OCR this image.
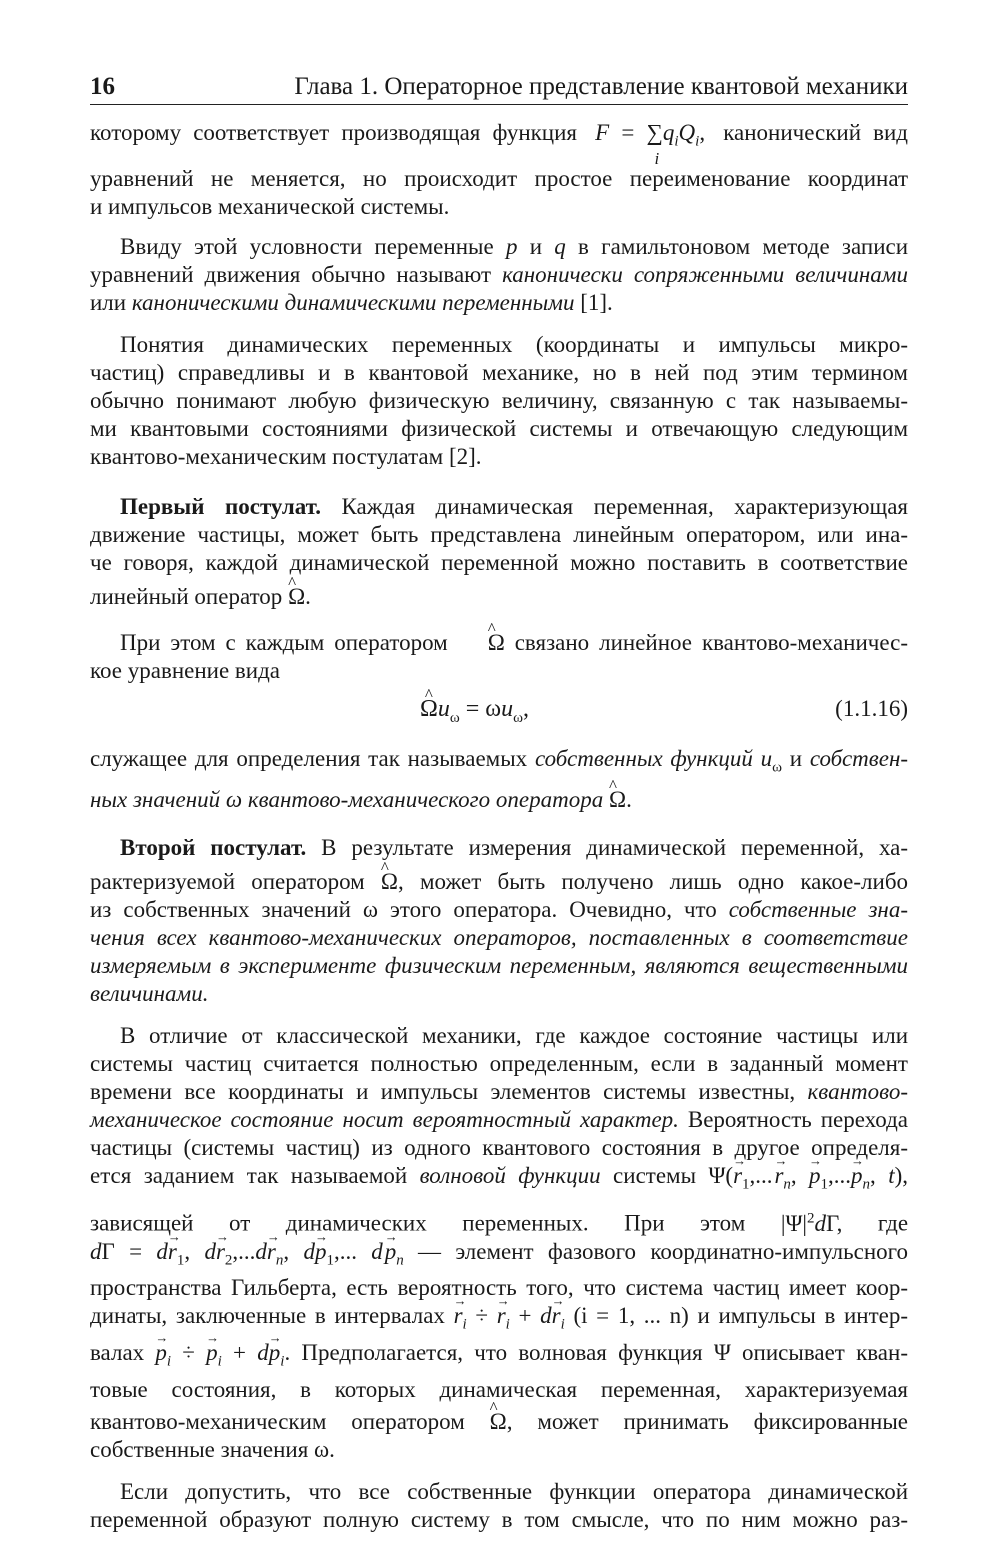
16	Глава 1. Операторное представление квантовой механики

которому соответствует производящая функция F = ∑
i
$q_iQ_i$, канонический вид
уравнений не меняется, но происходит простое переименование координат
и импульсов механической системы.

Ввиду этой условности переменные p и q в гамильтоновом методе записи
уравнений движения обычно называют канонически сопряженными величинами
или каноническими динамическими переменными [1].

Понятия динамических переменных (координаты и импульсы микро-
частиц) справедливы и в квантовой механике, но в ней под этим термином
обычно понимают любую физическую величину, связанную с так называемы-
ми квантовыми состояниями физической системы и отвечающую следующим
квантово-механическим постулатам [2].

Первый постулат. Каждая динамическая переменная, характеризующая
движение частицы, может быть представлена линейным оператором, или ина-
че говоря, каждой динамической переменной можно поставить в соответствие
линейный оператор ^ Ω.

При этом с каждым оператором ^ Ω связано линейное квантово-механичес-
кое уравнение вида

^ $\Omega u_\omega = \omega u_\omega$,	(1.1.16)

служащее для определения так называемых собственных функций $u_\omega$ и собствен-
ных значений ω квантово-механического оператора ^ Ω.

Второй постулат. В результате измерения динамической переменной, ха-
рактеризуемой оператором ^ Ω, может быть получено лишь одно какое-либо
из собственных значений ω этого оператора. Очевидно, что собственные зна-
чения всех квантово-механических операторов, поставленных в соответствие
измеряемым в эксперименте физическим переменным, являются вещественными
величинами.

В отличие от классической механики, где каждое состояние частицы или
системы частиц считается полностью определенным, если в заданный момент
времени все координаты и импульсы элементов системы известны, квантово-
механическое состояние носит вероятностный характер. Вероятность перехода
частицы (системы частиц) из одного квантового состояния в другое определя-
ется заданием так называемой волновой функции системы $\Psi(\to r_1$,... → $r_n$, → $p_1,...\to p_n$, t),
зависящей от динамических переменных. При этом $|\Psi|^2d\Gamma$, где
$d\Gamma = d\to r_1$, $d\to r_2,...d\to r_n$, $d\to p_1$,... d → $p_n$ — элемент фазового координатно-импульсного
пространства Гильберта, есть вероятность того, что система частиц имеет коор-
динаты, заключенные в интервалах → $r_i$ ÷ → $r_i + d\to r_i$ (i = 1, ... n) и импульсы в интер-
валах → $p_i$ ÷ → $p_i + d\to p_i$. Предполагается, что волновая функция Ψ описывает кван-
товые состояния, в которых динамическая переменная, характеризуемая
квантово-механическим оператором ^ Ω, может принимать фиксированные
собственные значения ω.

Если допустить, что все собственные функции оператора динамической
переменной образуют полную систему в том смысле, что по ним можно раз-
